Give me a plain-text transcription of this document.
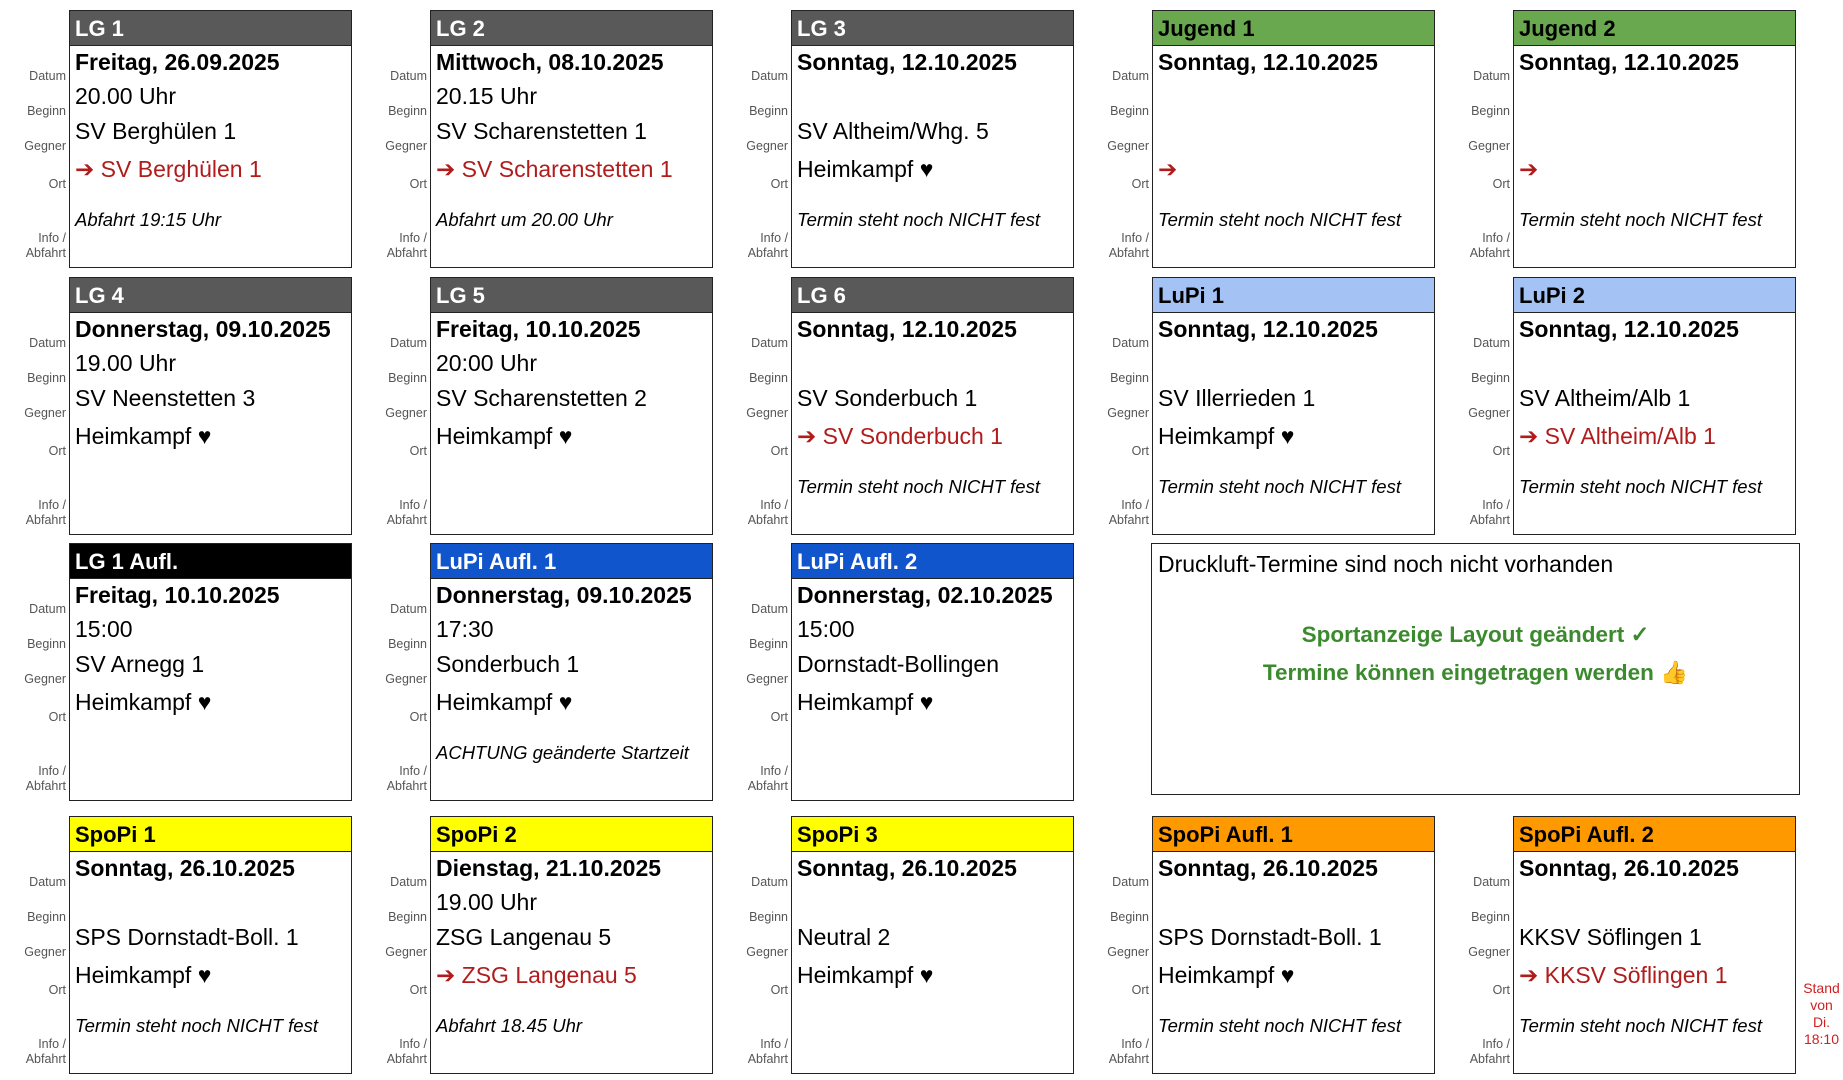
Datum
Beginn
Gegner
Ort
Info /
Abfahrt
LG 1
Freitag, 26.09.2025
20.00 Uhr
SV Berghülen 1
➔ SV Berghülen 1
Abfahrt 19:15 Uhr
Datum
Beginn
Gegner
Ort
Info /
Abfahrt
LG 2
Mittwoch, 08.10.2025
20.15 Uhr
SV Scharenstetten 1
➔ SV Scharenstetten 1
Abfahrt um 20.00 Uhr
Datum
Beginn
Gegner
Ort
Info /
Abfahrt
LG 3
Sonntag, 12.10.2025
SV Altheim/Whg. 5
Heimkampf ♥
Termin steht noch NICHT fest
Datum
Beginn
Gegner
Ort
Info /
Abfahrt
Jugend 1
Sonntag, 12.10.2025
➔
Termin steht noch NICHT fest
Datum
Beginn
Gegner
Ort
Info /
Abfahrt
Jugend 2
Sonntag, 12.10.2025
➔
Termin steht noch NICHT fest
Datum
Beginn
Gegner
Ort
Info /
Abfahrt
LG 4
Donnerstag, 09.10.2025
19.00 Uhr
SV Neenstetten 3
Heimkampf ♥
Datum
Beginn
Gegner
Ort
Info /
Abfahrt
LG 5
Freitag, 10.10.2025
20:00 Uhr
SV Scharenstetten 2
Heimkampf ♥
Datum
Beginn
Gegner
Ort
Info /
Abfahrt
LG 6
Sonntag, 12.10.2025
SV Sonderbuch 1
➔ SV Sonderbuch 1
Termin steht noch NICHT fest
Datum
Beginn
Gegner
Ort
Info /
Abfahrt
LuPi 1
Sonntag, 12.10.2025
SV Illerrieden 1
Heimkampf ♥
Termin steht noch NICHT fest
Datum
Beginn
Gegner
Ort
Info /
Abfahrt
LuPi 2
Sonntag, 12.10.2025
SV Altheim/Alb 1
➔ SV Altheim/Alb 1
Termin steht noch NICHT fest
Datum
Beginn
Gegner
Ort
Info /
Abfahrt
LG 1 Aufl.
Freitag, 10.10.2025
15:00
SV Arnegg 1
Heimkampf ♥
Datum
Beginn
Gegner
Ort
Info /
Abfahrt
LuPi Aufl. 1
Donnerstag, 09.10.2025
17:30
Sonderbuch 1
Heimkampf ♥
ACHTUNG geänderte Startzeit
Datum
Beginn
Gegner
Ort
Info /
Abfahrt
LuPi Aufl. 2
Donnerstag, 02.10.2025
15:00
Dornstadt-Bollingen
Heimkampf ♥
Datum
Beginn
Gegner
Ort
Info /
Abfahrt
SpoPi 1
Sonntag, 26.10.2025
SPS Dornstadt-Boll. 1
Heimkampf ♥
Termin steht noch NICHT fest
Datum
Beginn
Gegner
Ort
Info /
Abfahrt
SpoPi 2
Dienstag, 21.10.2025
19.00 Uhr
ZSG Langenau 5
➔ ZSG Langenau 5
Abfahrt 18.45 Uhr
Datum
Beginn
Gegner
Ort
Info /
Abfahrt
SpoPi 3
Sonntag, 26.10.2025
Neutral 2
Heimkampf ♥
Datum
Beginn
Gegner
Ort
Info /
Abfahrt
SpoPi Aufl. 1
Sonntag, 26.10.2025
SPS Dornstadt-Boll. 1
Heimkampf ♥
Termin steht noch NICHT fest
Datum
Beginn
Gegner
Ort
Info /
Abfahrt
SpoPi Aufl. 2
Sonntag, 26.10.2025
KKSV Söflingen 1
➔ KKSV Söflingen 1
Termin steht noch NICHT fest
Druckluft-Termine sind noch nicht vorhanden
Sportanzeige Layout geändert ✓
Termine können eingetragen werden 👍
Stand
von
Di.
18:10
